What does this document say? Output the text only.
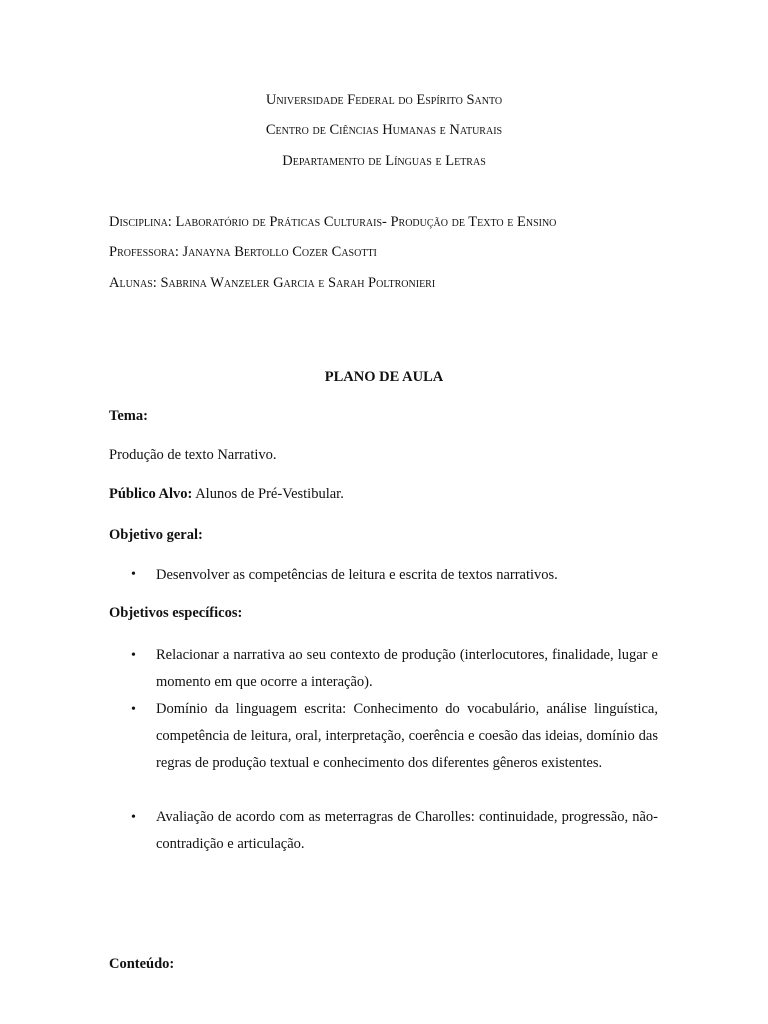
Universidade Federal do Espírito Santo
Centro de Ciências Humanas e Naturais
Departamento de Línguas e Letras
Disciplina: Laboratório de Práticas Culturais- Produção de Texto e Ensino
Professora: Janayna Bertollo Cozer Casotti
Alunas: Sabrina Wanzeler Garcia e Sarah Poltronieri
PLANO DE AULA
Tema:
Produção de texto Narrativo.
Público Alvo: Alunos de Pré-Vestibular.
Objetivo geral:
• Desenvolver as competências de leitura e escrita de textos narrativos.
Objetivos específicos:
• Relacionar a narrativa ao seu contexto de produção (interlocutores, finalidade, lugar e momento em que ocorre a interação).
• Domínio da linguagem escrita: Conhecimento do vocabulário, análise linguística, competência de leitura, oral, interpretação, coerência e coesão das ideias, domínio das regras de produção textual e conhecimento dos diferentes gêneros existentes.
• Avaliação de acordo com as meterragras de Charolles: continuidade, progressão, não-contradição e articulação.
Conteúdo:
